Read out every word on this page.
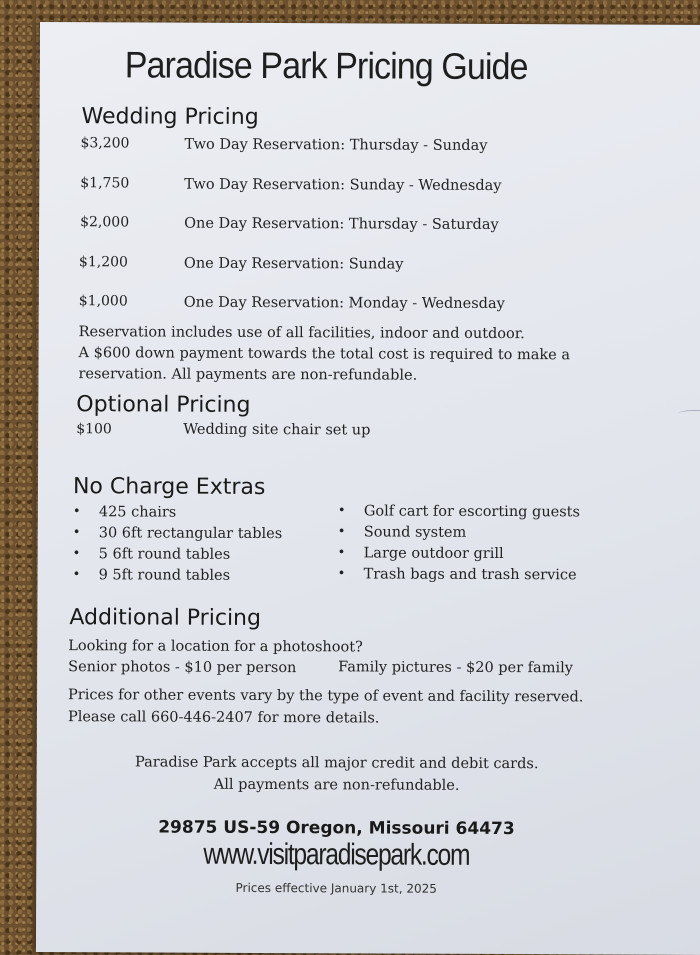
Paradise Park Pricing Guide
Wedding Pricing
$3,200	Two Day Reservation: Thursday - Sunday
$1,750	Two Day Reservation: Sunday - Wednesday
$2,000	One Day Reservation: Thursday - Saturday
$1,200	One Day Reservation: Sunday
$1,000	One Day Reservation: Monday - Wednesday
Reservation includes use of all facilities, indoor and outdoor.
A $600 down payment towards the total cost is required to make a
reservation. All payments are non-refundable.
Optional Pricing
$100	Wedding site chair set up
No Charge Extras
• 425 chairs
• 30 6ft rectangular tables
• 5 6ft round tables
• 9 5ft round tables
• Golf cart for escorting guests
• Sound system
• Large outdoor grill
• Trash bags and trash service
Additional Pricing
Looking for a location for a photoshoot?
Senior photos - $10 per person	Family pictures - $20 per family
Prices for other events vary by the type of event and facility reserved.
Please call 660-446-2407 for more details.
Paradise Park accepts all major credit and debit cards.
All payments are non-refundable.
29875 US-59 Oregon, Missouri 64473
www.visitparadisepark.com
Prices effective January 1st, 2025
